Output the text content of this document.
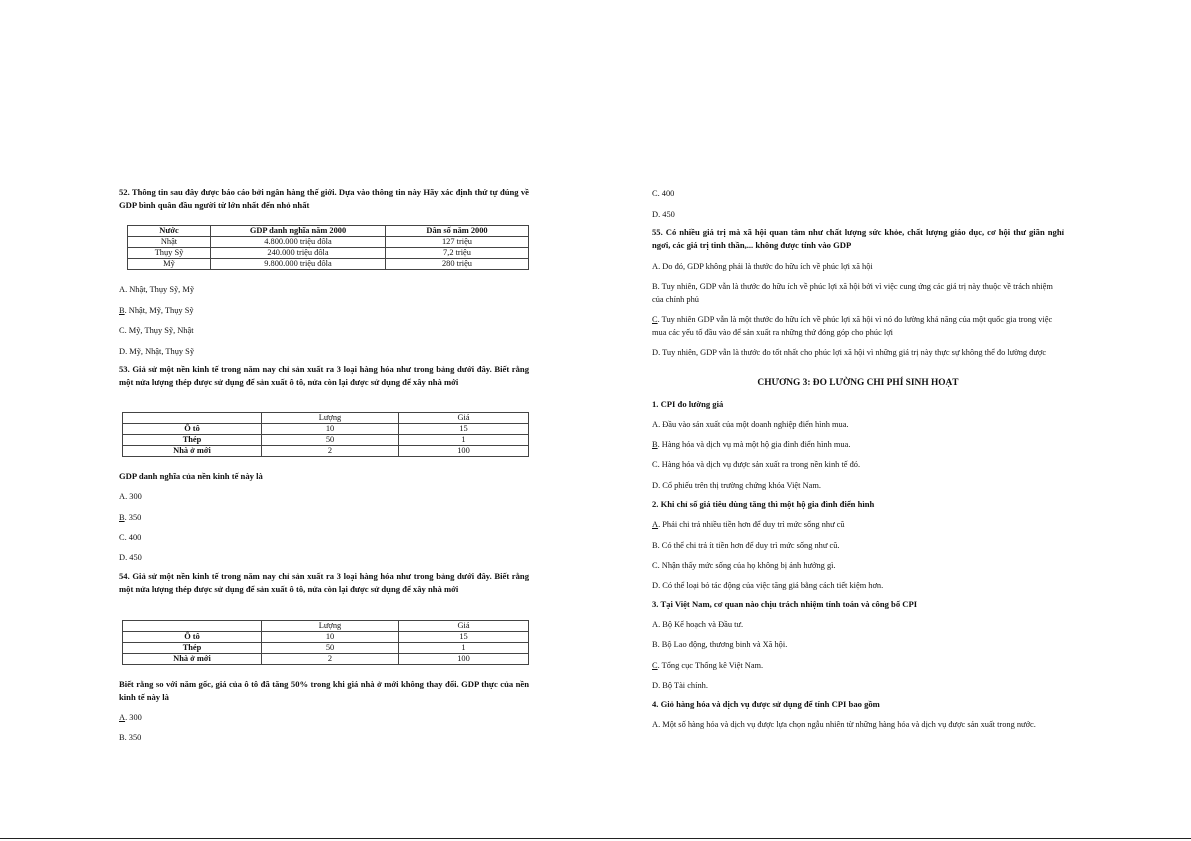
52. Thông tin sau đây được báo cáo bởi ngân hàng thế giới. Dựa vào thông tin này Hãy xác định thứ tự đúng về GDP bình quân đầu người từ lớn nhất đến nhỏ nhất
Nước	GDP danh nghĩa năm 2000	Dân số năm 2000
Nhật	4.800.000 triệu đôla	127 triệu
Thụy Sỹ	240.000 triệu đôla	7,2 triệu
Mỹ	9.800.000 triệu đôla	280 triệu
A. Nhật, Thụy Sỹ, Mỹ
B. Nhật, Mỹ, Thụy Sỹ
C. Mỹ, Thụy Sỹ, Nhật
D. Mỹ, Nhật, Thụy Sỹ
53. Giả sử một nền kinh tế trong năm nay chỉ sản xuất ra 3 loại hàng hóa như trong bảng dưới đây. Biết rằng một nửa lượng thép được sử dụng để sản xuất ô tô, nửa còn lại được sử dụng để xây nhà mới
	Lượng	Giá
Ô tô	10	15
Thép	50	1
Nhà ở mới	2	100
GDP danh nghĩa của nền kinh tế này là
A. 300
B. 350
C. 400
D. 450
54. Giả sử một nền kinh tế trong năm nay chỉ sản xuất ra 3 loại hàng hóa như trong bảng dưới đây. Biết rằng một nửa lượng thép được sử dụng để sản xuất ô tô, nửa còn lại được sử dụng để xây nhà mới
	Lượng	Giá
Ô tô	10	15
Thép	50	1
Nhà ở mới	2	100
Biết rằng so với năm gốc, giá của ô tô đã tăng 50% trong khi giá nhà ở mới không thay đổi. GDP thực của nền kinh tế này là
A. 300
B. 350
C. 400
D. 450
55. Có nhiều giá trị mà xã hội quan tâm như chất lượng sức khỏe, chất lượng giáo dục, cơ hội thư giãn nghỉ ngơi, các giá trị tinh thần,... không được tính vào GDP
A. Do đó, GDP không phải là thước đo hữu ích về phúc lợi xã hội
B. Tuy nhiên, GDP vẫn là thước đo hữu ích về phúc lợi xã hội bởi vì việc cung ứng các giá trị này thuộc về trách nhiệm của chính phủ
C. Tuy nhiên GDP vẫn là một thước đo hữu ích về phúc lợi xã hội vì nó đo lường khả năng của một quốc gia trong việc mua các yếu tố đầu vào để sản xuất ra những thứ đóng góp cho phúc lợi
D. Tuy nhiên, GDP vẫn là thước đo tốt nhất cho phúc lợi xã hội vì những giá trị này thực sự không thể đo lường được
CHƯƠNG 3: ĐO LƯỜNG CHI PHÍ SINH HOẠT
1. CPI đo lường giá
A. Đầu vào sản xuất của một doanh nghiệp điển hình mua.
B. Hàng hóa và dịch vụ mà một hộ gia đình điển hình mua.
C. Hàng hóa và dịch vụ được sản xuất ra trong nền kinh tế đó.
D. Cổ phiếu trên thị trường chứng khóa Việt Nam.
2. Khi chỉ số giá tiêu dùng tăng thì một hộ gia đình điển hình
A. Phải chi trả nhiều tiền hơn để duy trì mức sống như cũ
B. Có thể chi trả ít tiền hơn để duy trì mức sống như cũ.
C. Nhận thấy mức sống của họ không bị ảnh hưởng gì.
D. Có thể loại bỏ tác động của việc tăng giá bằng cách tiết kiệm hơn.
3. Tại Việt Nam, cơ quan nào chịu trách nhiệm tính toán và công bố CPI
A. Bộ Kế hoạch và Đầu tư.
B. Bộ Lao động, thương binh và Xã hội.
C. Tổng cục Thống kê Việt Nam.
D. Bộ Tài chính.
4. Giỏ hàng hóa và dịch vụ được sử dụng để tính CPI bao gồm
A. Một số hàng hóa và dịch vụ được lựa chọn ngẫu nhiên từ những hàng hóa và dịch vụ được sản xuất trong nước.
